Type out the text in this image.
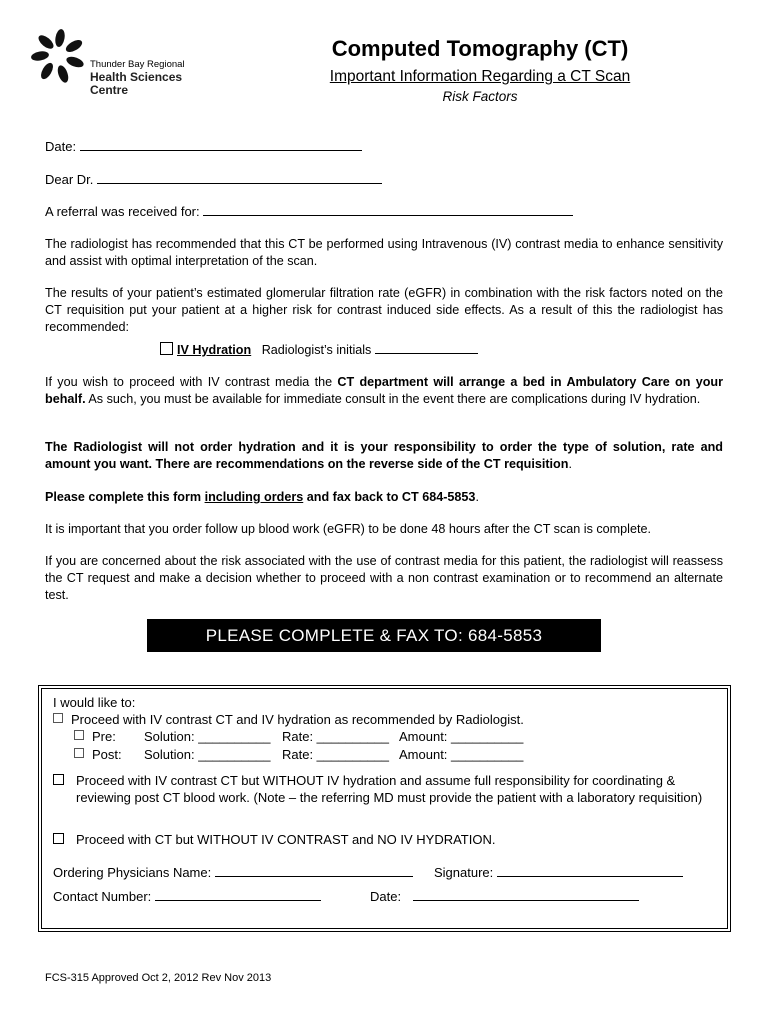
Thunder Bay Regional
Health Sciences
Centre
Computed Tomography (CT)
Important Information Regarding a CT Scan
Risk Factors
Date:
Dear Dr.
A referral was received for:
The radiologist has recommended that this CT be performed using Intravenous (IV) contrast media to enhance sensitivity and assist with optimal interpretation of the scan.
The results of your patient’s estimated glomerular filtration rate (eGFR) in combination with the risk factors noted on the CT requisition put your patient at a higher risk for contrast induced side effects. As a result of this the radiologist has recommended:
IV Hydration Radiologist’s initials
If you wish to proceed with IV contrast media the CT department will arrange a bed in Ambulatory Care on your behalf. As such, you must be available for immediate consult in the event there are complications during IV hydration.
The Radiologist will not order hydration and it is your responsibility to order the type of solution, rate and amount you want. There are recommendations on the reverse side of the CT requisition.
Please complete this form including orders and fax back to CT 684-5853.
It is important that you order follow up blood work (eGFR) to be done 48 hours after the CT scan is complete.
If you are concerned about the risk associated with the use of contrast media for this patient, the radiologist will reassess the CT request and make a decision whether to proceed with a non contrast examination or to recommend an alternate test.
PLEASE COMPLETE & FAX TO: 684-5853
I would like to:
Proceed with IV contrast CT and IV hydration as recommended by Radiologist.
Pre: Solution: __________ Rate: __________ Amount: __________
Post: Solution: __________ Rate: __________ Amount: __________
Proceed with IV contrast CT but WITHOUT IV hydration and assume full responsibility for coordinating & reviewing post CT blood work. (Note – the referring MD must provide the patient with a laboratory requisition)
Proceed with CT but WITHOUT IV CONTRAST and NO IV HYDRATION.
Ordering Physicians Name:	Signature:
Contact Number:	Date:
FCS-315 Approved Oct 2, 2012 Rev Nov 2013
